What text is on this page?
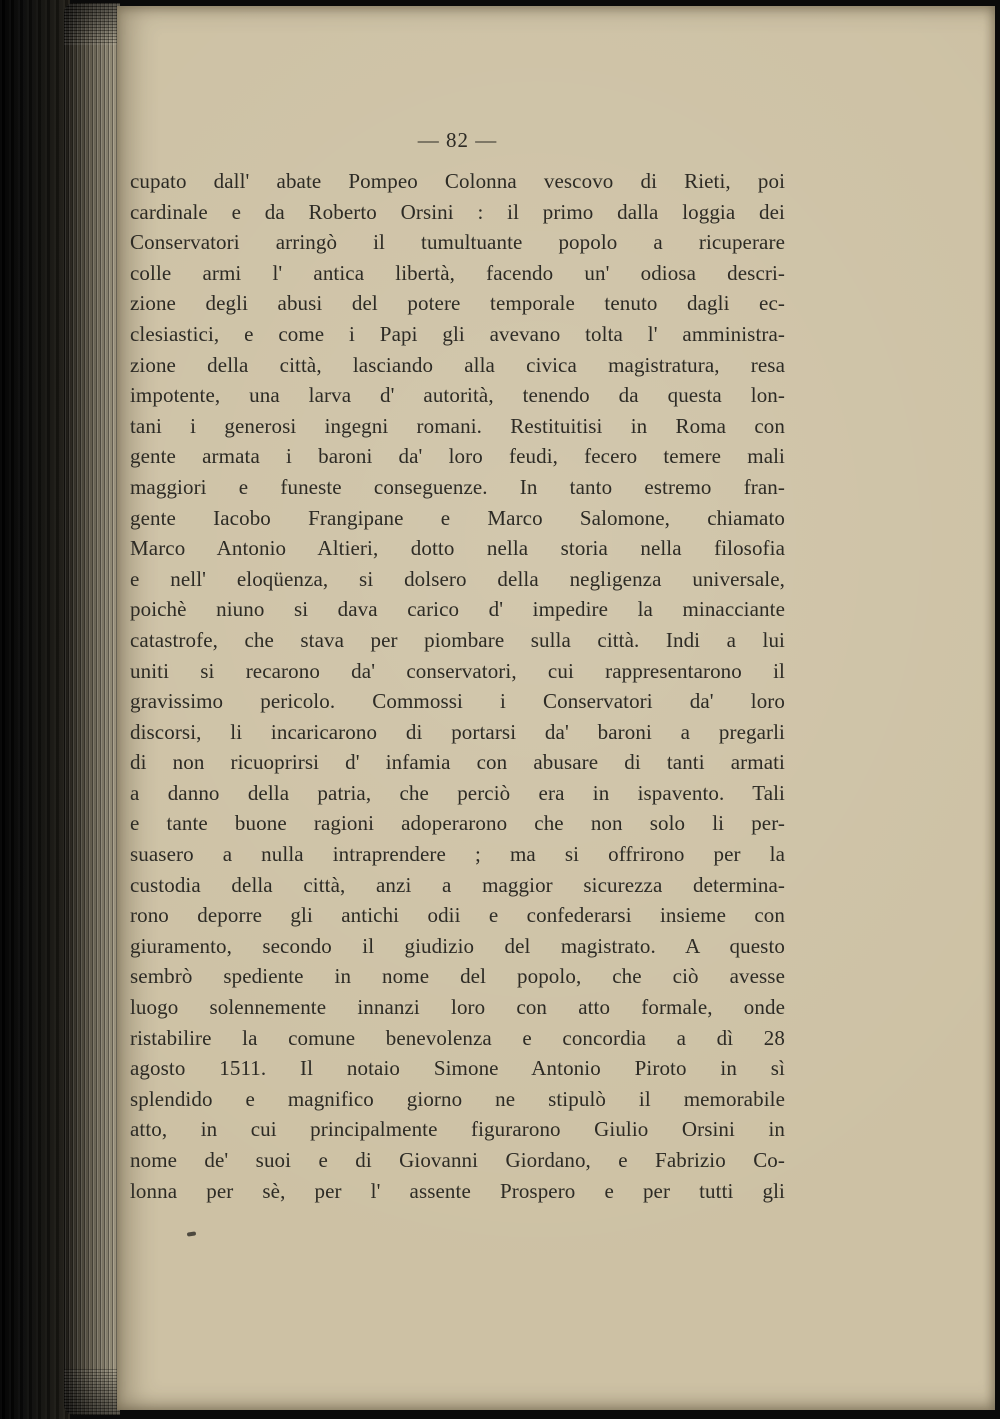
— 82 —
cupato dall' abate Pompeo Colonna vescovo di Rieti, poi
cardinale e da Roberto Orsini : il primo dalla loggia dei
Conservatori arringò il tumultuante popolo a ricuperare
colle armi l' antica libertà, facendo un' odiosa descri-
zione degli abusi del potere temporale tenuto dagli ec-
clesiastici, e come i Papi gli avevano tolta l' amministra-
zione della città, lasciando alla civica magistratura, resa
impotente, una larva d' autorità, tenendo da questa lon-
tani i generosi ingegni romani. Restituitisi in Roma con
gente armata i baroni da' loro feudi, fecero temere mali
maggiori e funeste conseguenze. In tanto estremo fran-
gente Iacobo Frangipane e Marco Salomone, chiamato
Marco Antonio Altieri, dotto nella storia nella filosofia
e nell' eloqüenza, si dolsero della negligenza universale,
poichè niuno si dava carico d' impedire la minacciante
catastrofe, che stava per piombare sulla città. Indi a lui
uniti si recarono da' conservatori, cui rappresentarono il
gravissimo pericolo. Commossi i Conservatori da' loro
discorsi, li incaricarono di portarsi da' baroni a pregarli
di non ricuoprirsi d' infamia con abusare di tanti armati
a danno della patria, che perciò era in ispavento. Tali
e tante buone ragioni adoperarono che non solo li per-
suasero a nulla intraprendere ; ma si offrirono per la
custodia della città, anzi a maggior sicurezza determina-
rono deporre gli antichi odii e confederarsi insieme con
giuramento, secondo il giudizio del magistrato. A questo
sembrò spediente in nome del popolo, che ciò avesse
luogo solennemente innanzi loro con atto formale, onde
ristabilire la comune benevolenza e concordia a dì 28
agosto 1511. Il notaio Simone Antonio Piroto in sì
splendido e magnifico giorno ne stipulò il memorabile
atto, in cui principalmente figurarono Giulio Orsini in
nome de' suoi e di Giovanni Giordano, e Fabrizio Co-
lonna per sè, per l' assente Prospero e per tutti gli
